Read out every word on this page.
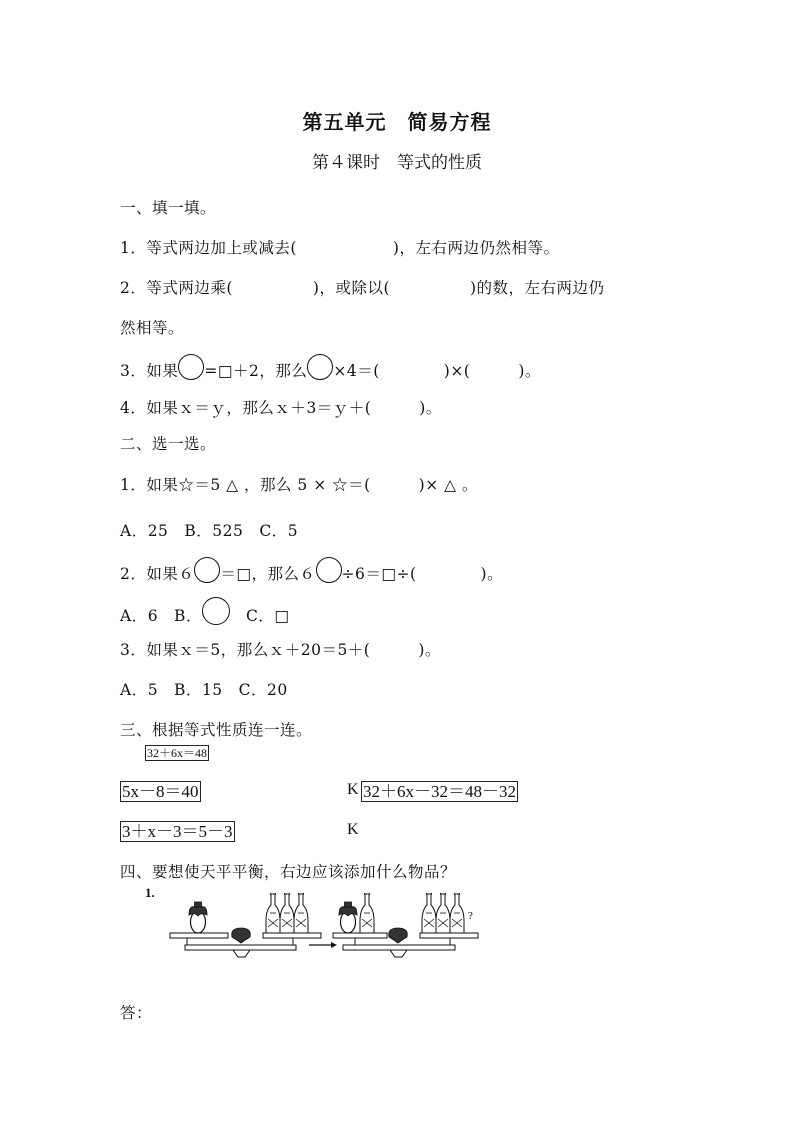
第五单元　简易方程
第４课时　等式的性质
一、填一填。
1．等式两边加上或减去(　　　　　　)，左右两边仍然相等。
2．等式两边乘(　　　　　)，或除以(　　　　　)的数，左右两边仍
然相等。
3．如果 =□＋2，那么 ×4＝(　　　　)×(　　　)。
4．如果ｘ＝ｙ，那么ｘ＋3＝ｙ＋(　　　)。
二、选一选。
1．如果☆＝5 △ ，那么 5 × ☆＝(　　　)× △ 。
A．25　B．525　C．5
2．如果６ ＝□，那么６ ÷6＝□÷(　　　　)。
A．6　B．　C．□
3．如果ｘ＝5，那么ｘ＋20＝5＋(　　　)。
A．5　B．15　C．20
三、根据等式性质连一连。
32＋6x＝48
5x－8＝40
3＋x－3＝5－3
K 32＋6x－32＝48－32
K
四、要想使天平平衡，右边应该添加什么物品？
1.
?
答：
